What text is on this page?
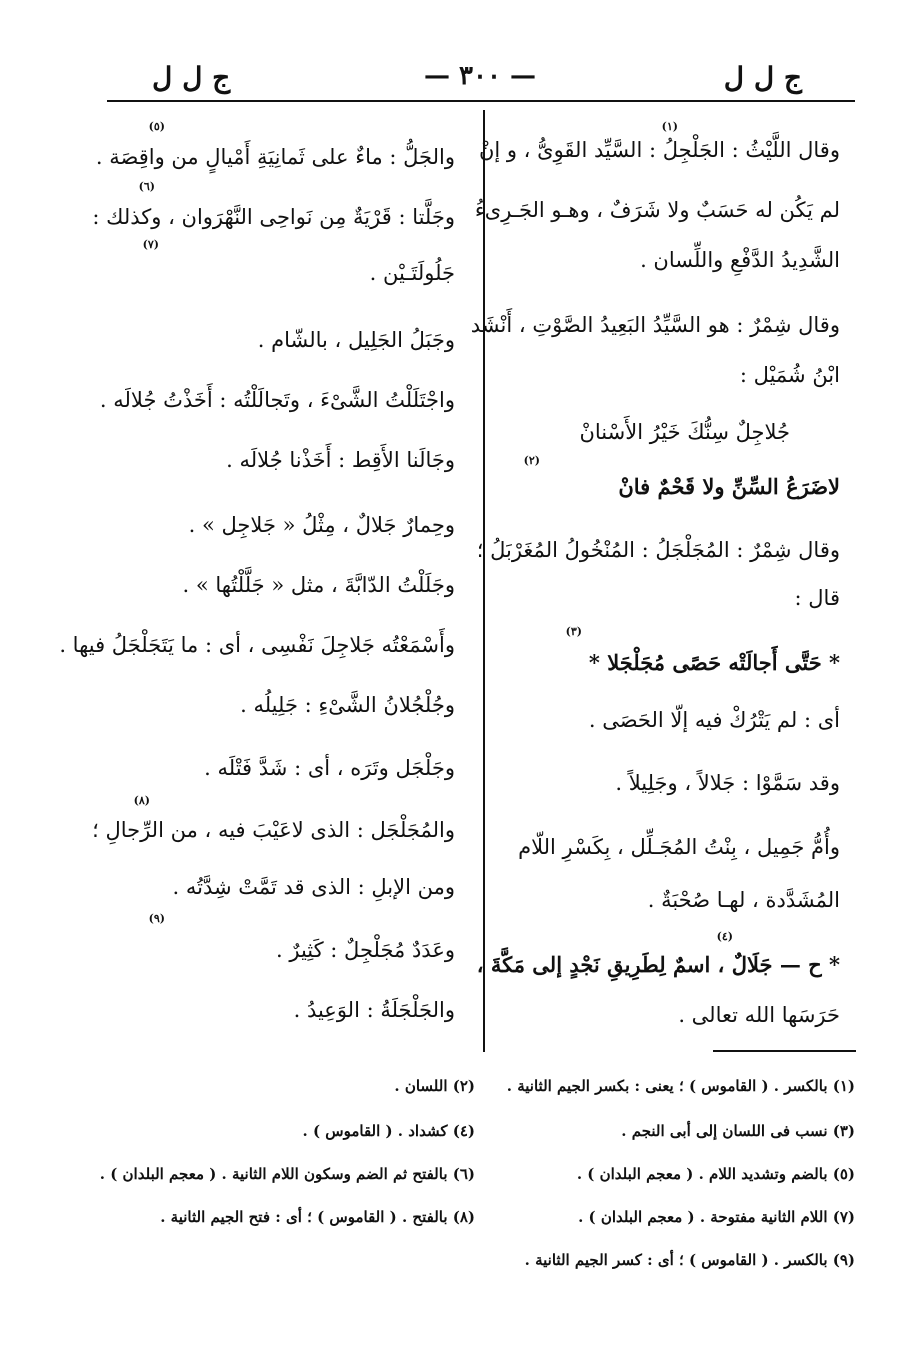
ج ل ل
— ٣٠٠ —
ج ل ل
وقال اللَّيْثُ : الجَلْجِلُ : السَّيِّد القَوِىُّ ، و إنْ
لم يَكُن له حَسَبٌ ولا شَرَفٌ ، وهـو الجَـرِىءُ
الشَّدِيدُ الدَّفْعِ واللِّسان .
وقال شِمْرٌ : هو السَّيِّدُ البَعِيدُ الصَّوْتِ ، أَنْشَد
ابْنُ شُمَيْل :
جُلاجِلٌ سِنُّكَ خَيْرُ الأَسْنانْ
لاضَرَعُ السِّنِّ ولا قَحْمٌ فانْ
وقال شِمْرٌ : المُجَلْجَلُ : المُنْخُولُ المُغَرْبَلُ ؛
قال :
* حَتَّى أَجالَتْه حَصًى مُجَلْجَلا *
أى : لم يَتْرُكْ فيه إلّا الحَصَى .
وقد سَمَّوْا : جَلالاً ، وجَلِيلاً .
وأُمُّ جَمِيل ، بِنْتُ المُجَـلِّل ، بِكَسْرِ اللّام
المُشَدَّدة ، لهـا صُحْبَةٌ .
* ح — جَلَالٌ ، اسمٌ لِطَرِيقِ نَجْدٍ إلى مَكَّةَ ،
حَرَسَها الله تعالى .
(١)
(٢)
(٣)
(٤)
والجَلُّ : ماءٌ على ثَمانِيَةِ أَمْيالٍ من واقِصَة .
وجَلَّتا : قَرْيَةٌ مِن نَواحِى النَّهْرَوان ، وكذلك :
جَلُولَتَـيْن .
وجَبَلُ الجَلِيل ، بالشّام .
واجْتَلَلْتُ الشَّىْءَ ، وتَجالَلْتُه : أَخَذْتُ جُلالَه .
وجَالَنا الأَقِط : أَخَذْنا جُلالَه .
وحِمارٌ جَلالٌ ، مِثْلُ « جَلاجِل » .
وجَلَلْتُ الدّابَّةَ ، مثل « جَلَّلْتُها » .
وأَسْمَعْتُه جَلاجِلَ نَفْسِى ، أى : ما يَتَجَلْجَلُ فيها .
وجُلْجُلانُ الشَّىْءِ : جَلِيلُه .
وجَلْجَل وتَرَه ، أى : شَدَّ فَتْلَه .
والمُجَلْجَل : الذى لاعَيْبَ فيه ، من الرِّجالِ ؛
ومن الإبلِ : الذى قد تَمَّتْ شِدَّتُه .
وعَدَدٌ مُجَلْجِلٌ : كَثِيرٌ .
والجَلْجَلَةُ : الوَعِيدُ .
(٥)
(٦)
(٧)
(٨)
(٩)
(١) بالكسر . ( القاموس ) ؛ يعنى : بكسر الجيم الثانية .
(٢) اللسان .
(٣) نسب فى اللسان إلى أبى النجم .
(٤) كشداد . ( القاموس ) .
(٥) بالضم وتشديد اللام . ( معجم البلدان ) .
(٦) بالفتح ثم الضم وسكون اللام الثانية . ( معجم البلدان ) .
(٧) اللام الثانية مفتوحة . ( معجم البلدان ) .
(٨) بالفتح . ( القاموس ) ؛ أى : فتح الجيم الثانية .
(٩) بالكسر . ( القاموس ) ؛ أى : كسر الجيم الثانية .
